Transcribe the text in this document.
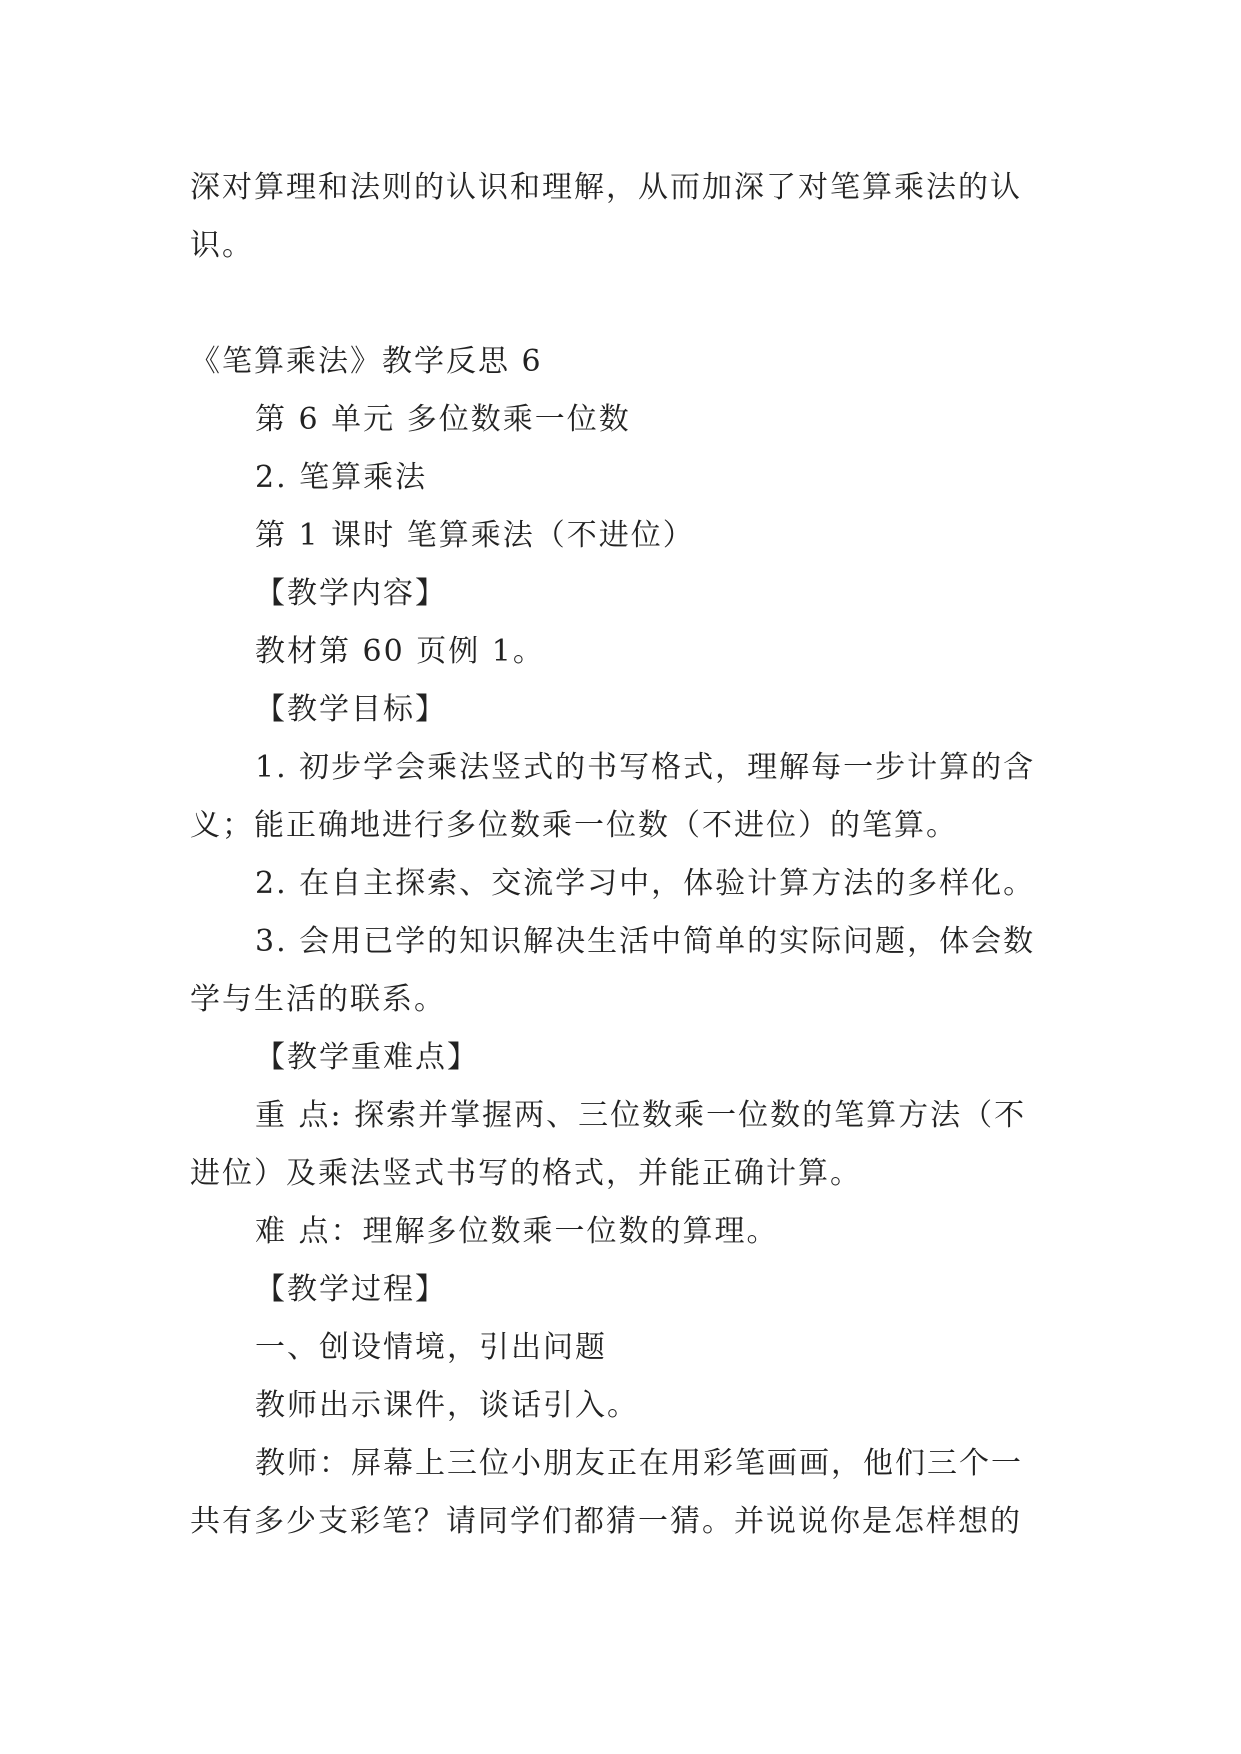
深对算理和法则的认识和理解，从而加深了对笔算乘法的认
识。
《笔算乘法》教学反思 6
第 6 单元 多位数乘一位数
2. 笔算乘法
第 1 课时 笔算乘法（不进位）
【教学内容】
教材第 60 页例 1。
【教学目标】
1. 初步学会乘法竖式的书写格式，理解每一步计算的含
义；能正确地进行多位数乘一位数（不进位）的笔算。
2. 在自主探索、交流学习中，体验计算方法的多样化。
3. 会用已学的知识解决生活中简单的实际问题，体会数
学与生活的联系。
【教学重难点】
重 点: 探索并掌握两、三位数乘一位数的笔算方法（不
进位）及乘法竖式书写的格式，并能正确计算。
难 点：理解多位数乘一位数的算理。
【教学过程】
一、创设情境，引出问题
教师出示课件，谈话引入。
教师：屏幕上三位小朋友正在用彩笔画画，他们三个一
共有多少支彩笔？请同学们都猜一猜。并说说你是怎样想的
